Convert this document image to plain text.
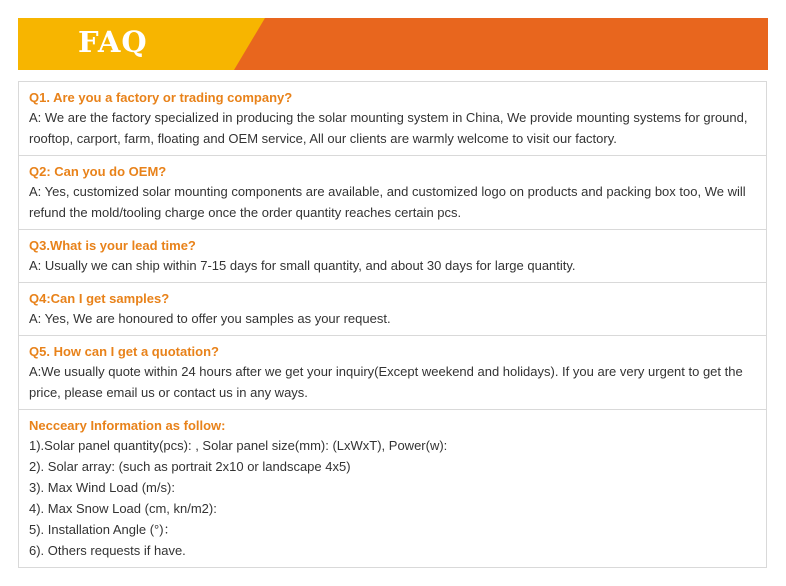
FAQ
Q1. Are you a factory or trading company?
A: We are the factory specialized in producing the solar mounting system in China, We provide mounting systems for ground, rooftop, carport, farm, floating and OEM service, All our clients are warmly welcome to visit our factory.
Q2: Can you do OEM?
A: Yes, customized solar mounting components are available, and customized logo on products and packing box too, We will refund the mold/tooling charge once the order quantity reaches certain pcs.
Q3.What is your lead time?
A: Usually we can ship within 7-15 days for small quantity, and about 30 days for large quantity.
Q4:Can I get samples?
A: Yes, We are honoured to offer you samples as your request.
Q5. How can I get a quotation?
A:We usually quote within 24 hours after we get your inquiry(Except weekend and holidays). If you are very urgent to get the price, please email us or contact us in any ways.
Necceary Information as follow:
1).Solar panel quantity(pcs): , Solar panel size(mm): (LxWxT), Power(w):
2). Solar array: (such as portrait 2x10 or landscape 4x5)
3). Max Wind Load (m/s):
4). Max Snow Load (cm, kn/m2):
5). Installation Angle (°)：
6). Others requests if have.
